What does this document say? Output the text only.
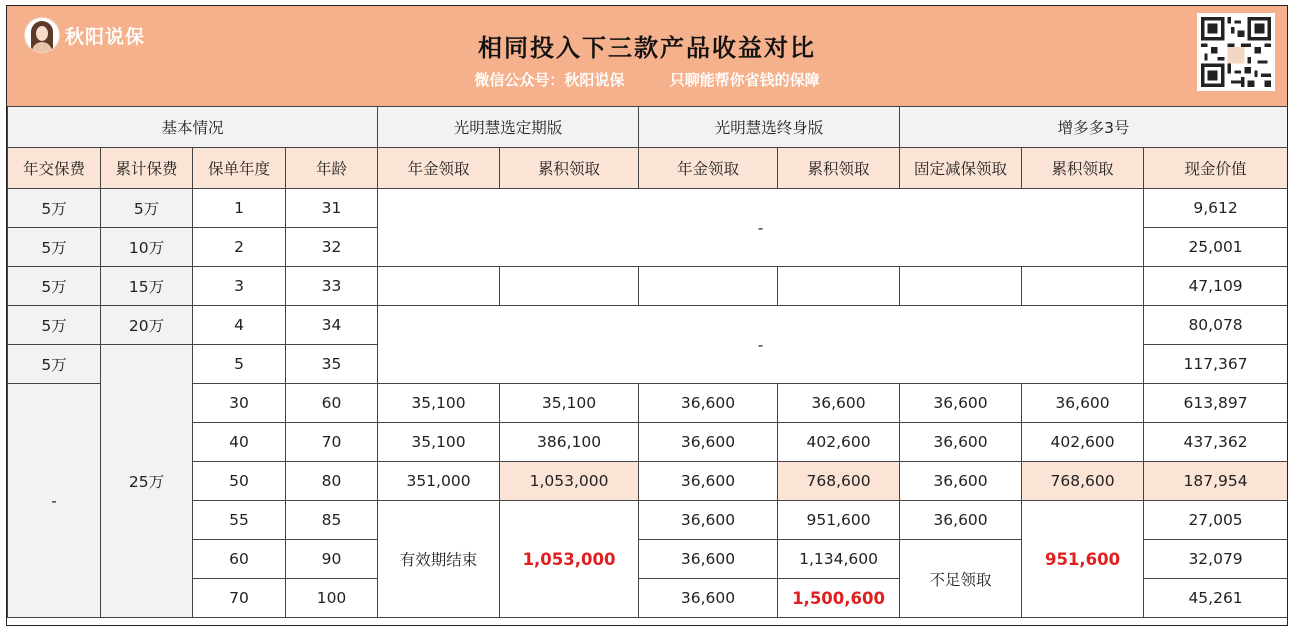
秋阳说保	相同投入下三款产品收益对比
微信公众号：秋阳说保	只聊能帮你省钱的保障
基本情况				光明慧选定期版		光明慧选终身版		增多多3号		
年交保费	累计保费	保单年度	年龄	年金领取	累积领取	年金领取	累积领取	固定减保领取	累积领取	现金价值
5万	5万	1	31	-						9,612
5万	10万	2	32							25,001
5万	15万	3	33							47,109
5万	20万	4	34	-						80,078
5万	25万	5	35							117,367
-		30	60	35,100	35,100	36,600	36,600	36,600	36,600	613,897
		40	70	35,100	386,100	36,600	402,600	36,600	402,600	437,362
		50	80	351,000	1,053,000	36,600	768,600	36,600	768,600	187,954
		55	85	有效期结束	1,053,000	36,600	951,600	36,600	951,600	27,005
		60	90			36,600	1,134,600	不足领取		32,079
		70	100			36,600	1,500,600			45,261
